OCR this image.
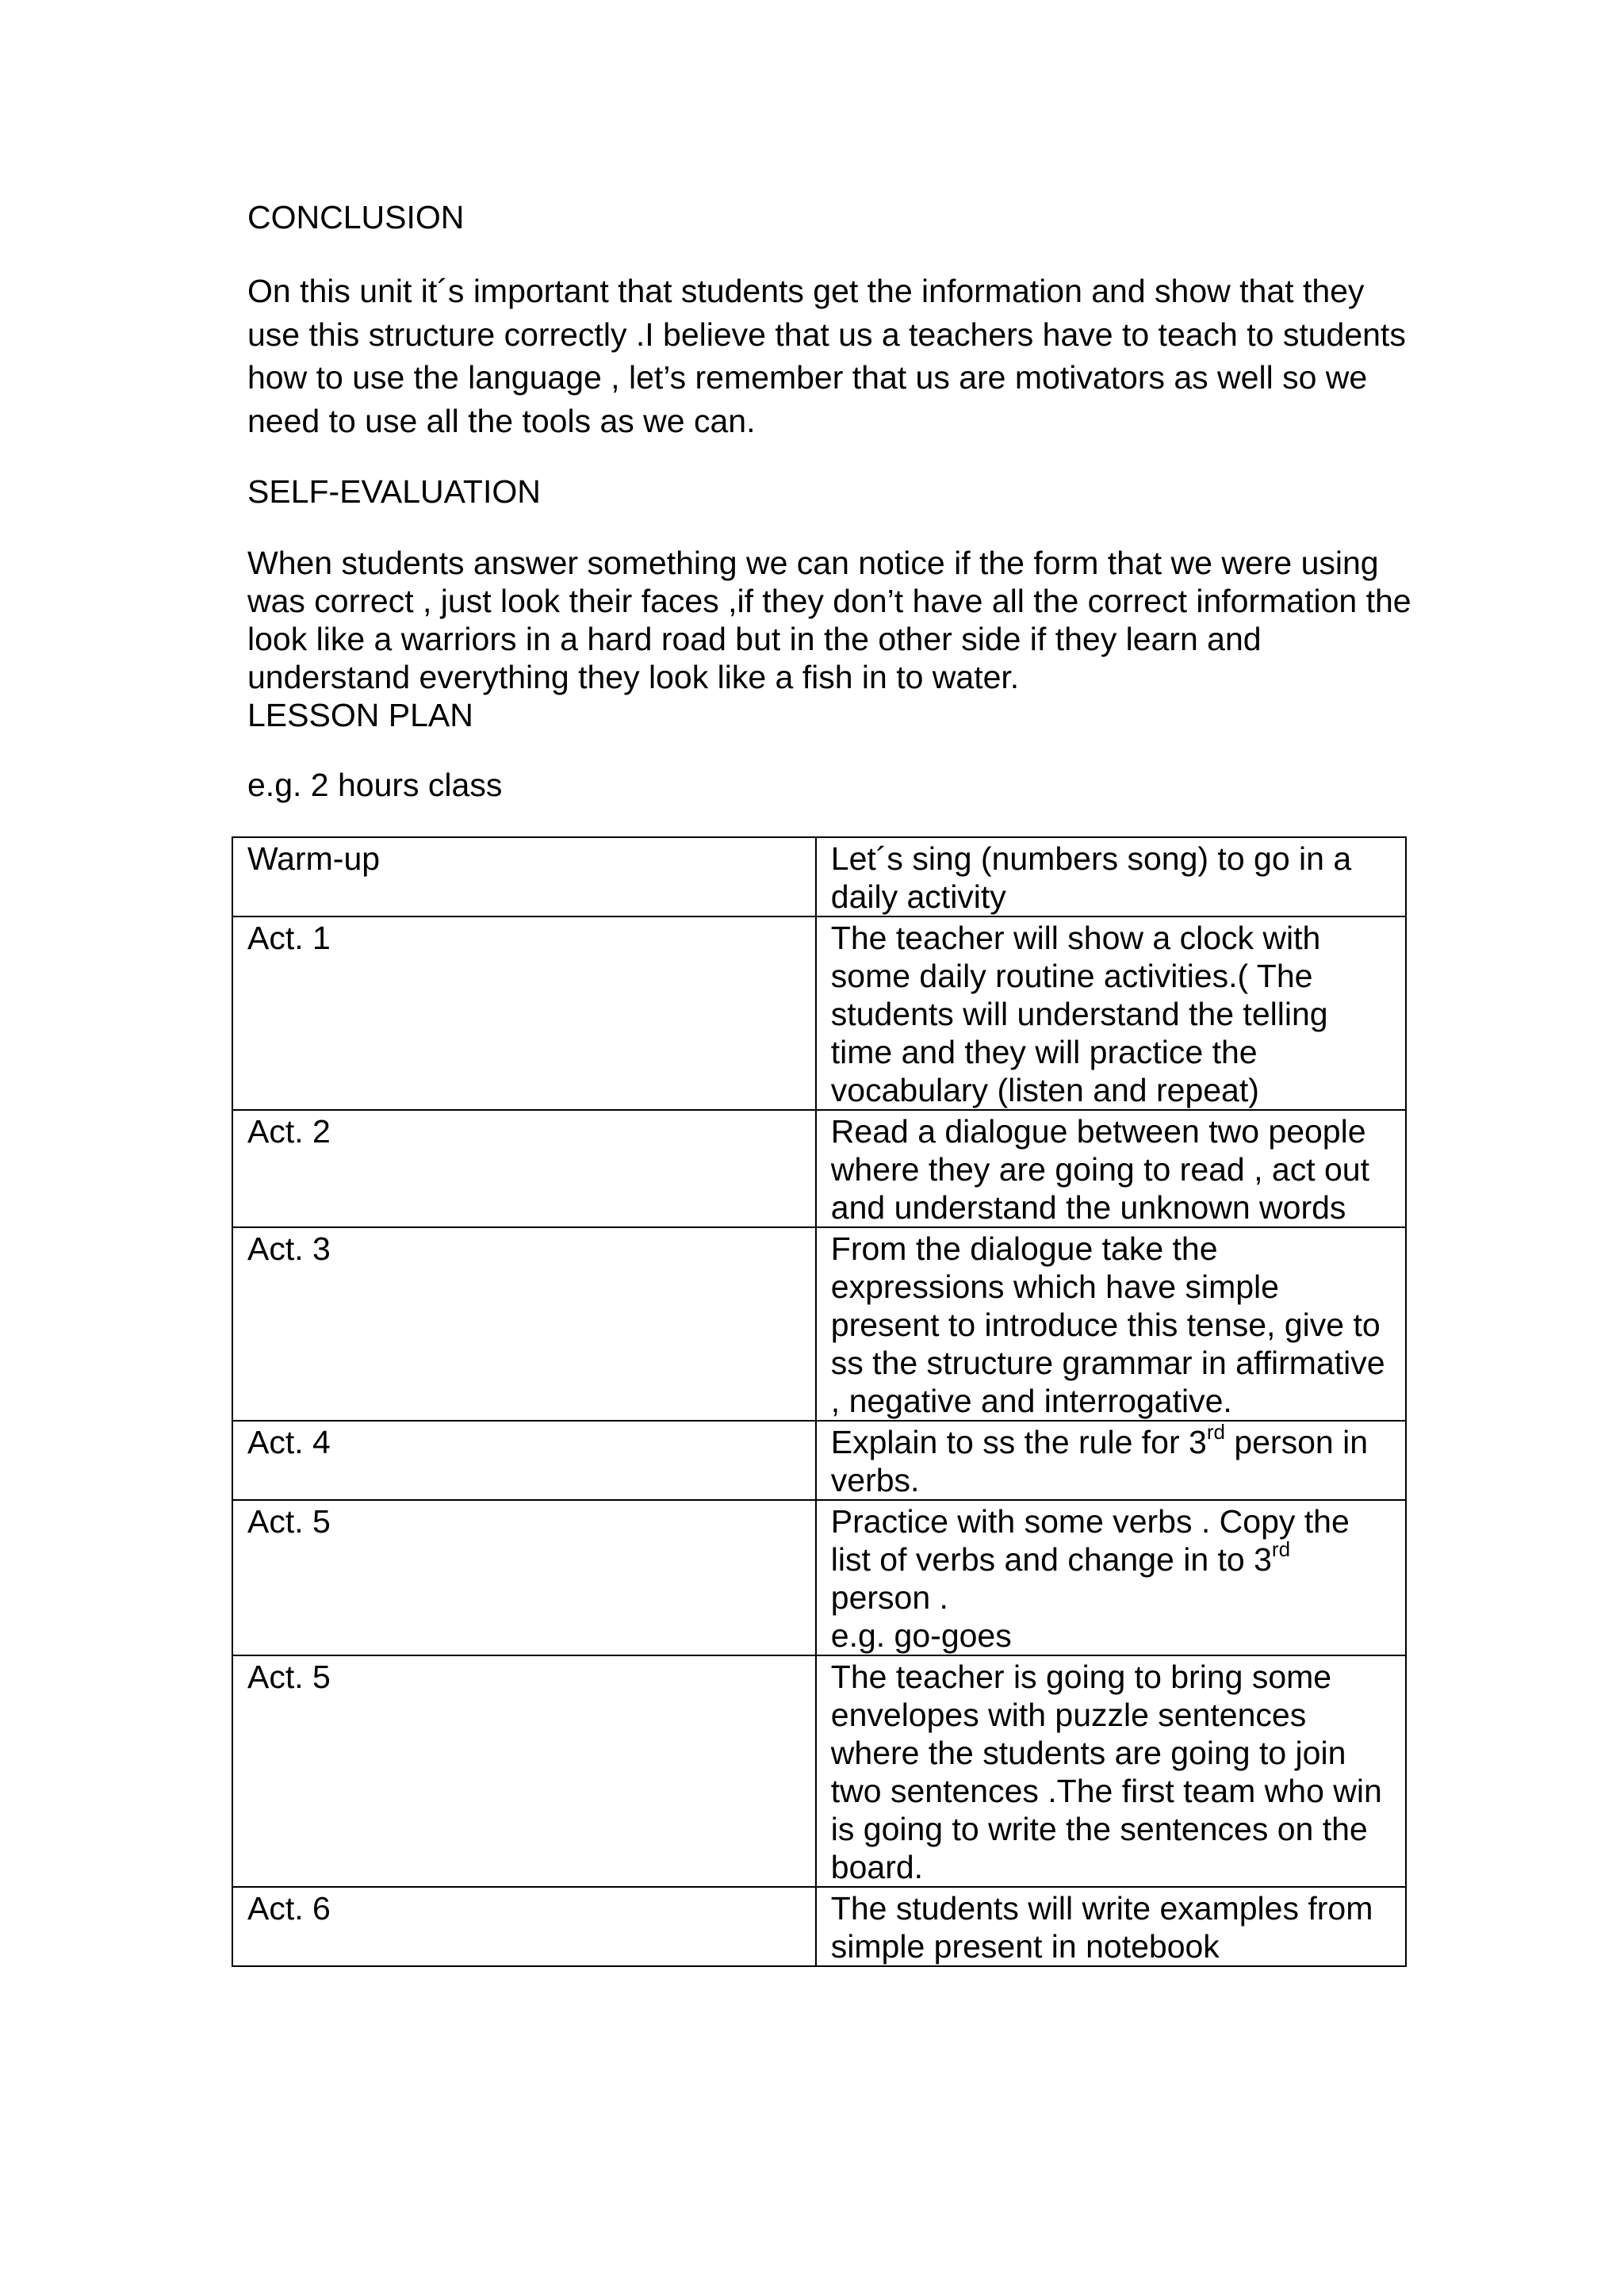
CONCLUSION

On this unit it´s important that students get the information and show that they use this structure correctly .I believe that us a teachers have to teach to students how to use the language , let’s remember that us are motivators as well so we need to use all the tools as we can.

SELF-EVALUATION

When students answer something we can notice if the form that we were using was correct , just look their faces ,if they don’t have all the correct information the look like a warriors in a hard road but in the other side if they learn and understand everything they look like a fish in to water.

LESSON PLAN
e.g. 2 hours class
Warm-up	Let´s sing (numbers song) to go in a daily activity
Act. 1	The teacher will show a clock with some daily routine activities.( The students will understand the telling time and they will practice the vocabulary (listen and repeat)
Act. 2	Read a dialogue between two people where they are going to read , act out and understand the unknown words
Act. 3	From the dialogue take the expressions which have simple present to introduce this tense, give to ss the structure grammar in affirmative , negative and interrogative.
Act. 4	Explain to ss the rule for 3rd person in verbs.
Act. 5	Practice with some verbs . Copy the list of verbs and change in to 3rd person .
e.g. go-goes

Act. 5	The teacher is going to bring some envelopes with puzzle sentences where the students are going to join two sentences .The first team who win is going to write the sentences on the board.
Act. 6	The students will write examples from simple present in notebook
